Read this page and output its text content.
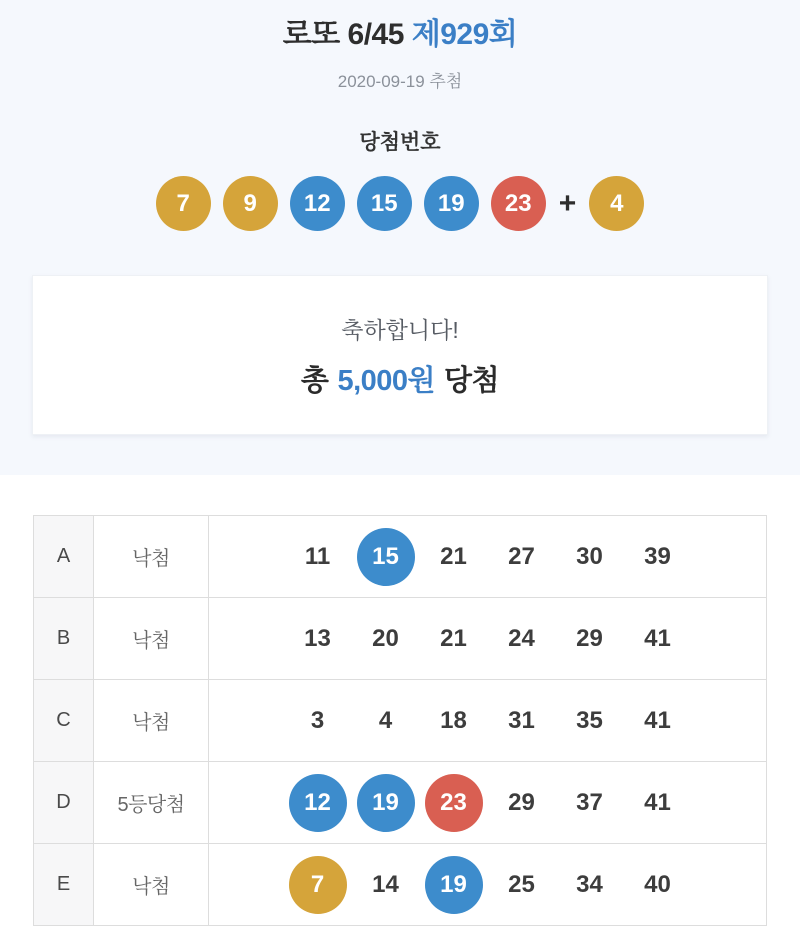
로또 6/45 제929회
2020-09-19 추첨
당첨번호
7	9	12	15	19	23 +	4
축하합니다!
총 5,000원 당첨
A	낙첨	11	15	21	27	30	39

B	낙첨	13	20	21	24	29	41

C	낙첨	3	4	18	31	35	41

D	5등당첨	12	19	23	29	37	41

E	낙첨	7	14	19	25	34	40
